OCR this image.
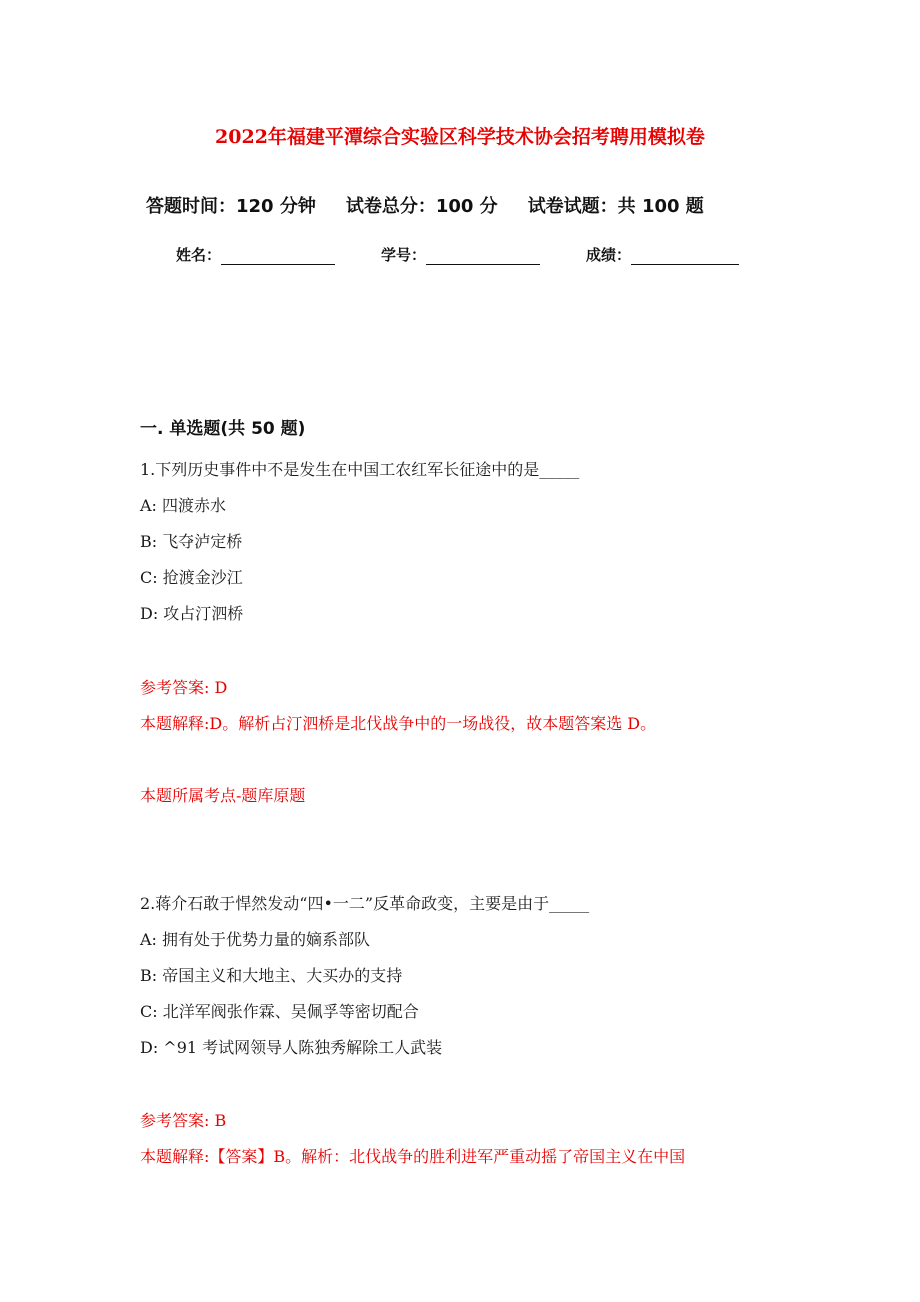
2022年福建平潭综合实验区科学技术协会招考聘用模拟卷
答题时间：120 分钟 试卷总分：100 分 试卷试题：共 100 题
姓名：	学号：	成绩：
一. 单选题(共 50 题)
1.下列历史事件中不是发生在中国工农红军长征途中的是_____
A: 四渡赤水
B: 飞夺泸定桥
C: 抢渡金沙江
D: 攻占汀泗桥
参考答案: D
本题解释:D。解析占汀泗桥是北伐战争中的一场战役，故本题答案选 D。
本题所属考点-题库原题
2.蒋介石敢于悍然发动“四•一二”反革命政变，主要是由于_____
A: 拥有处于优势力量的嫡系部队
B: 帝国主义和大地主、大买办的支持
C: 北洋军阀张作霖、吴佩孚等密切配合
D: ^91 考试网领导人陈独秀解除工人武装
参考答案: B
本题解释:【答案】B。解析：北伐战争的胜利进军严重动摇了帝国主义在中国
